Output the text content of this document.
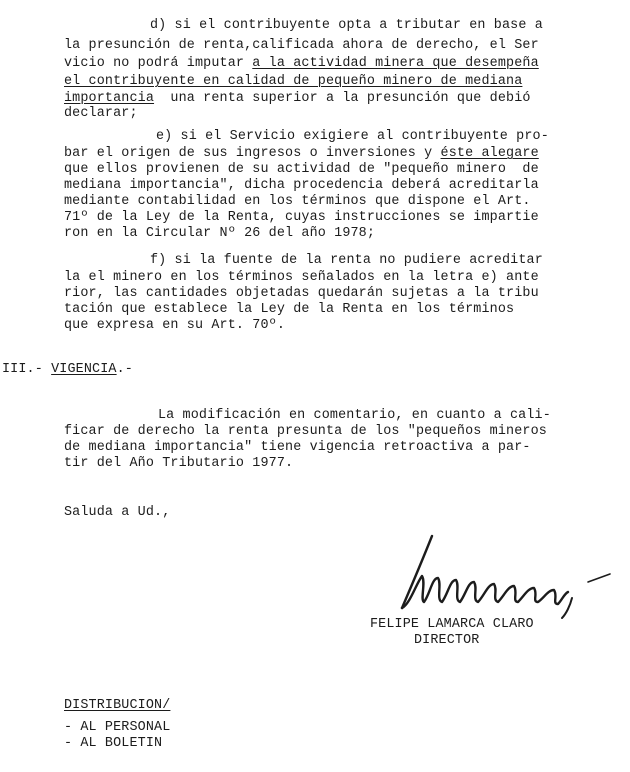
d) si el contribuyente opta a tributar en base a
la presunción de renta,calificada ahora de derecho, el Ser
vicio no podrá imputar a la actividad minera que desempeña
el contribuyente en calidad de pequeño minero de mediana
importancia  una renta superior a la presunción que debió
declarar;
e) si el Servicio exigiere al contribuyente pro-
bar el origen de sus ingresos o inversiones y éste alegare
que ellos provienen de su actividad de "pequeño minero  de
mediana importancia", dicha procedencia deberá acreditarla
mediante contabilidad en los términos que dispone el Art.
71º de la Ley de la Renta, cuyas instrucciones se impartie
ron en la Circular Nº 26 del año 1978;
f) si la fuente de la renta no pudiere acreditar
la el minero en los términos señalados en la letra e) ante
rior, las cantidades objetadas quedarán sujetas a la tribu
tación que establece la Ley de la Renta en los términos
que expresa en su Art. 70º.
III.- VIGENCIA.-
La modificación en comentario, en cuanto a cali-
ficar de derecho la renta presunta de los "pequeños mineros
de mediana importancia" tiene vigencia retroactiva a par-
tir del Año Tributario 1977.
Saluda a Ud.,
FELIPE LAMARCA CLARO
DIRECTOR
DISTRIBUCION/
- AL PERSONAL
- AL BOLETIN
